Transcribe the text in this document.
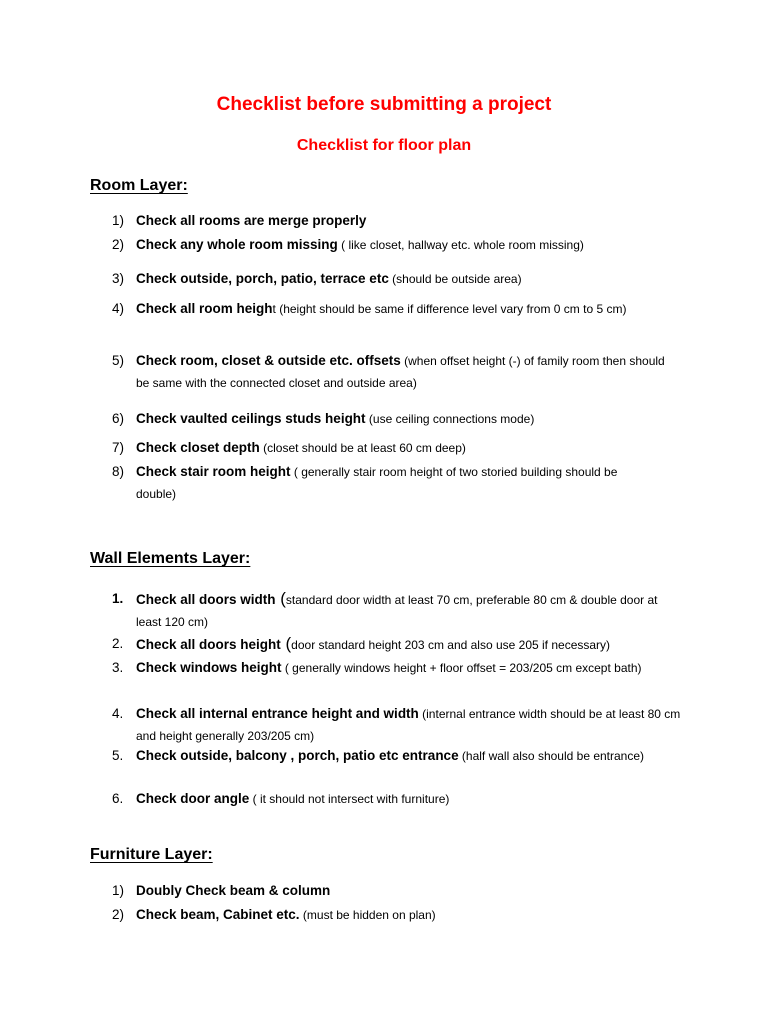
Checklist before submitting a project
Checklist for floor plan
Room Layer:
1) Check all rooms are merge properly
2) Check any whole room missing ( like closet, hallway etc. whole room missing)
3) Check outside, porch, patio, terrace etc (should be outside area)
4) Check all room height (height should be same if difference level vary from 0 cm to 5 cm)
5) Check room, closet & outside etc. offsets (when offset height (-) of family room then should be same with the connected closet and outside area)
6) Check vaulted ceilings studs height (use ceiling connections mode)
7) Check closet depth (closet should be at least 60 cm deep)
8) Check stair room height ( generally stair room height of two storied building should be double)
Wall Elements Layer:
1. Check all doors width (standard door width at least 70 cm, preferable 80 cm & double door at least 120 cm)
2. Check all doors height (door standard height 203 cm and also use 205 if necessary)
3. Check windows height ( generally windows height + floor offset = 203/205 cm except bath)
4. Check all internal entrance height and width (internal entrance width should be at least 80 cm and height generally 203/205 cm)
5. Check outside, balcony , porch, patio etc entrance (half wall also should be entrance)
6. Check door angle ( it should not intersect with furniture)
Furniture Layer:
1) Doubly Check beam & column
2) Check beam, Cabinet etc. (must be hidden on plan)
